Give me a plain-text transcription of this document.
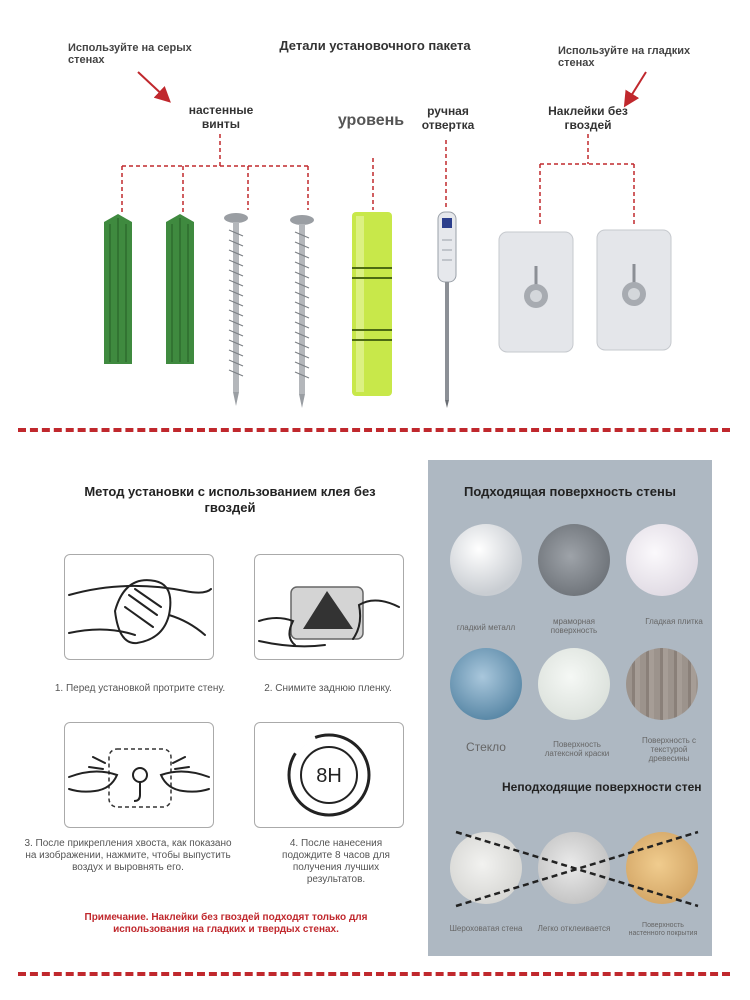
Используйте на серых стенах
Детали установочного пакета	Используйте на гладких стенах
настенные винты	уровень
ручная отвертка
Наклейки без гвоздей
Метод установки с использованием клея без гвоздей
1. Перед установкой протрите стену.	2. Снимите заднюю пленку.
3. После прикрепления хвоста, как показано на изображении, нажмите, чтобы выпустить воздух и выровнять его.
8H
4. После нанесения подождите 8 часов для получения лучших результатов.
Примечание. Наклейки без гвоздей подходят только для использования на гладких и твердых стенах.
Подходящая поверхность стены
гладкий металл
мраморная поверхность
Гладкая плитка
Стекло	Поверхность латексной краски
Поверхность с текстурой древесины
Неподходящие поверхности стен
Шероховатая стена Легко отклеивается	Поверхность настенного покрытия
